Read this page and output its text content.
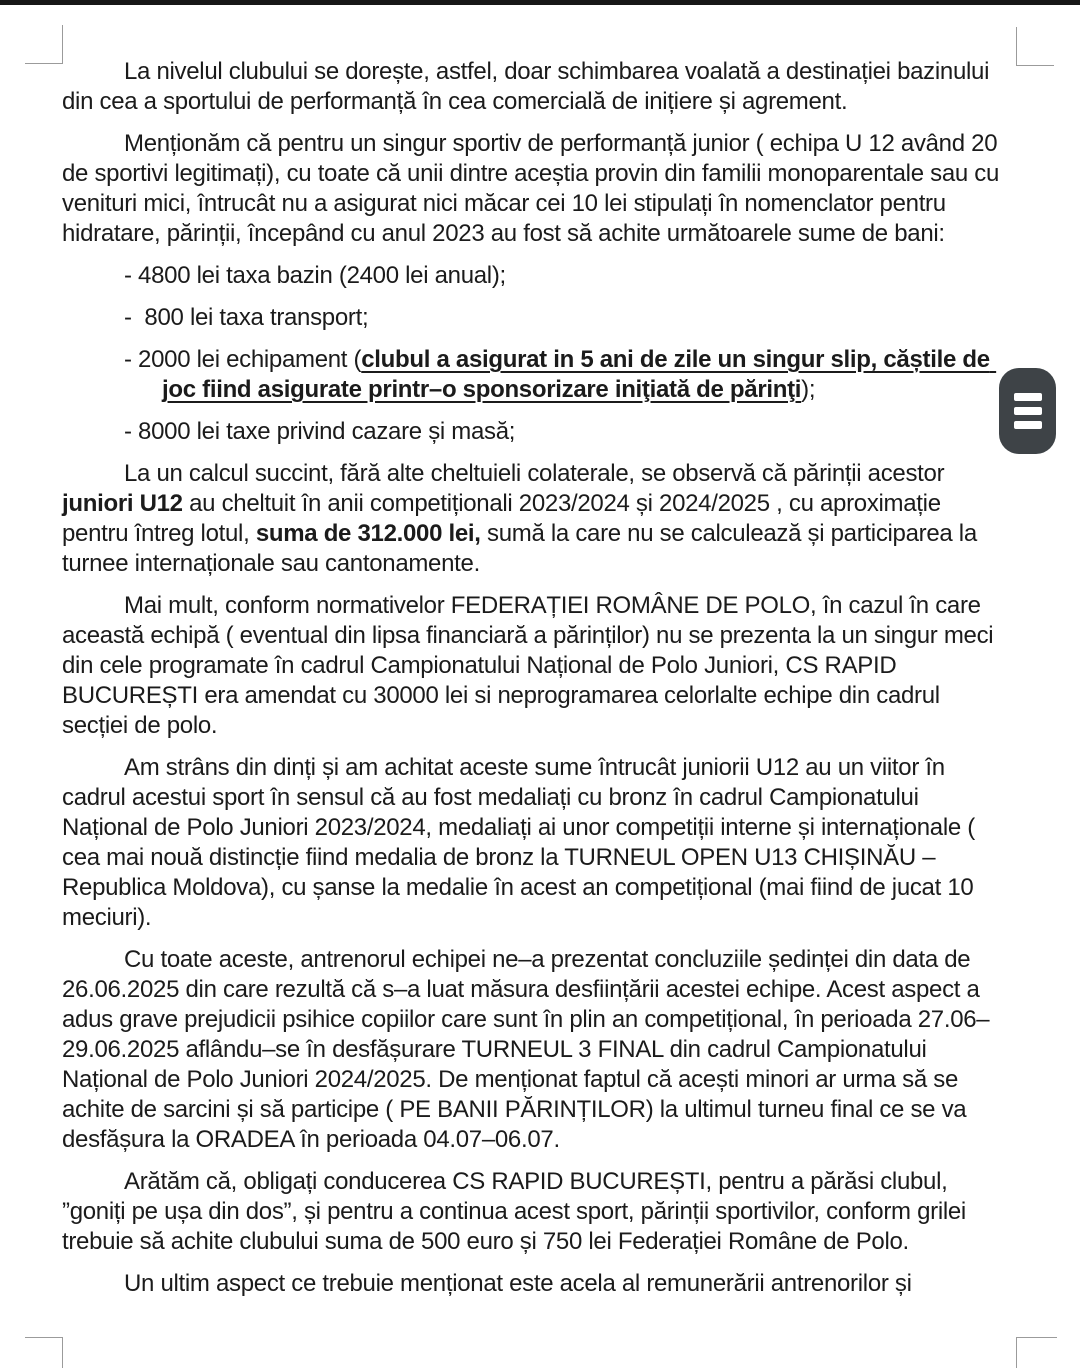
La nivelul clubului se dorește, astfel, doar schimbarea voalată a destinației bazinului din cea a sportului de performanță în cea comercială de inițiere și agrement.

Menționăm că pentru un singur sportiv de performanță junior ( echipa U 12 având 20 de sportivi legitimați), cu toate că unii dintre aceștia provin din familii monoparentale sau cu venituri mici, întrucât nu a asigurat nici măcar cei 10 lei stipulați în nomenclator pentru hidratare, părinții, începând cu anul 2023 au fost să achite următoarele sume de bani:

- 4800 lei taxa bazin (2400 lei anual);

-  800 lei taxa transport;

- 2000 lei echipament (clubul a asigurat in 5 ani de zile un singur slip, căștile de joc fiind asigurate printr–o sponsorizare iniţiată de părinţi);

- 8000 lei taxe privind cazare și masă;

La un calcul succint, fără alte cheltuieli colaterale, se observă că părinții acestor juniori U12 au cheltuit în anii competiționali 2023/2024 și 2024/2025 , cu aproximație pentru întreg lotul, suma de 312.000 lei, sumă la care nu se calculează și participarea la turnee internaționale sau cantonamente.

Mai mult, conform normativelor FEDERAȚIEI ROMÂNE DE POLO, în cazul în care această echipă ( eventual din lipsa financiară a părinților) nu se prezenta la un singur meci din cele programate în cadrul Campionatului Național de Polo Juniori, CS RAPID BUCUREȘTI era amendat cu 30000 lei si neprogramarea celorlalte echipe din cadrul secției de polo.

Am strâns din dinți și am achitat aceste sume întrucât juniorii U12 au un viitor în cadrul acestui sport în sensul că au fost medaliați cu bronz în cadrul Campionatului Național de Polo Juniori 2023/2024, medaliați ai unor competiții interne și internaționale ( cea mai nouă distincție fiind medalia de bronz la TURNEUL OPEN U13 CHIȘINĂU – Republica Moldova), cu șanse la medalie în acest an competițional (mai fiind de jucat 10 meciuri).

Cu toate aceste, antrenorul echipei ne–a prezentat concluziile ședinței din data de 26.06.2025 din care rezultă că s–a luat măsura desființării acestei echipe. Acest aspect a adus grave prejudicii psihice copiilor care sunt în plin an competițional, în perioada 27.06–29.06.2025 aflându–se în desfășurare TURNEUL 3 FINAL din cadrul Campionatului Național de Polo Juniori 2024/2025. De menționat faptul că acești minori ar urma să se achite de sarcini și să participe ( PE BANII PĂRINȚILOR) la ultimul turneu final ce se va desfășura la ORADEA în perioada 04.07–06.07.

Arătăm că, obligați conducerea CS RAPID BUCUREȘTI, pentru a părăsi clubul, ”goniți pe ușa din dos”, și pentru a continua acest sport, părinții sportivilor, conform grilei trebuie să achite clubului suma de 500 euro și 750 lei Federației Române de Polo.

Un ultim aspect ce trebuie menționat este acela al remunerării antrenorilor și
